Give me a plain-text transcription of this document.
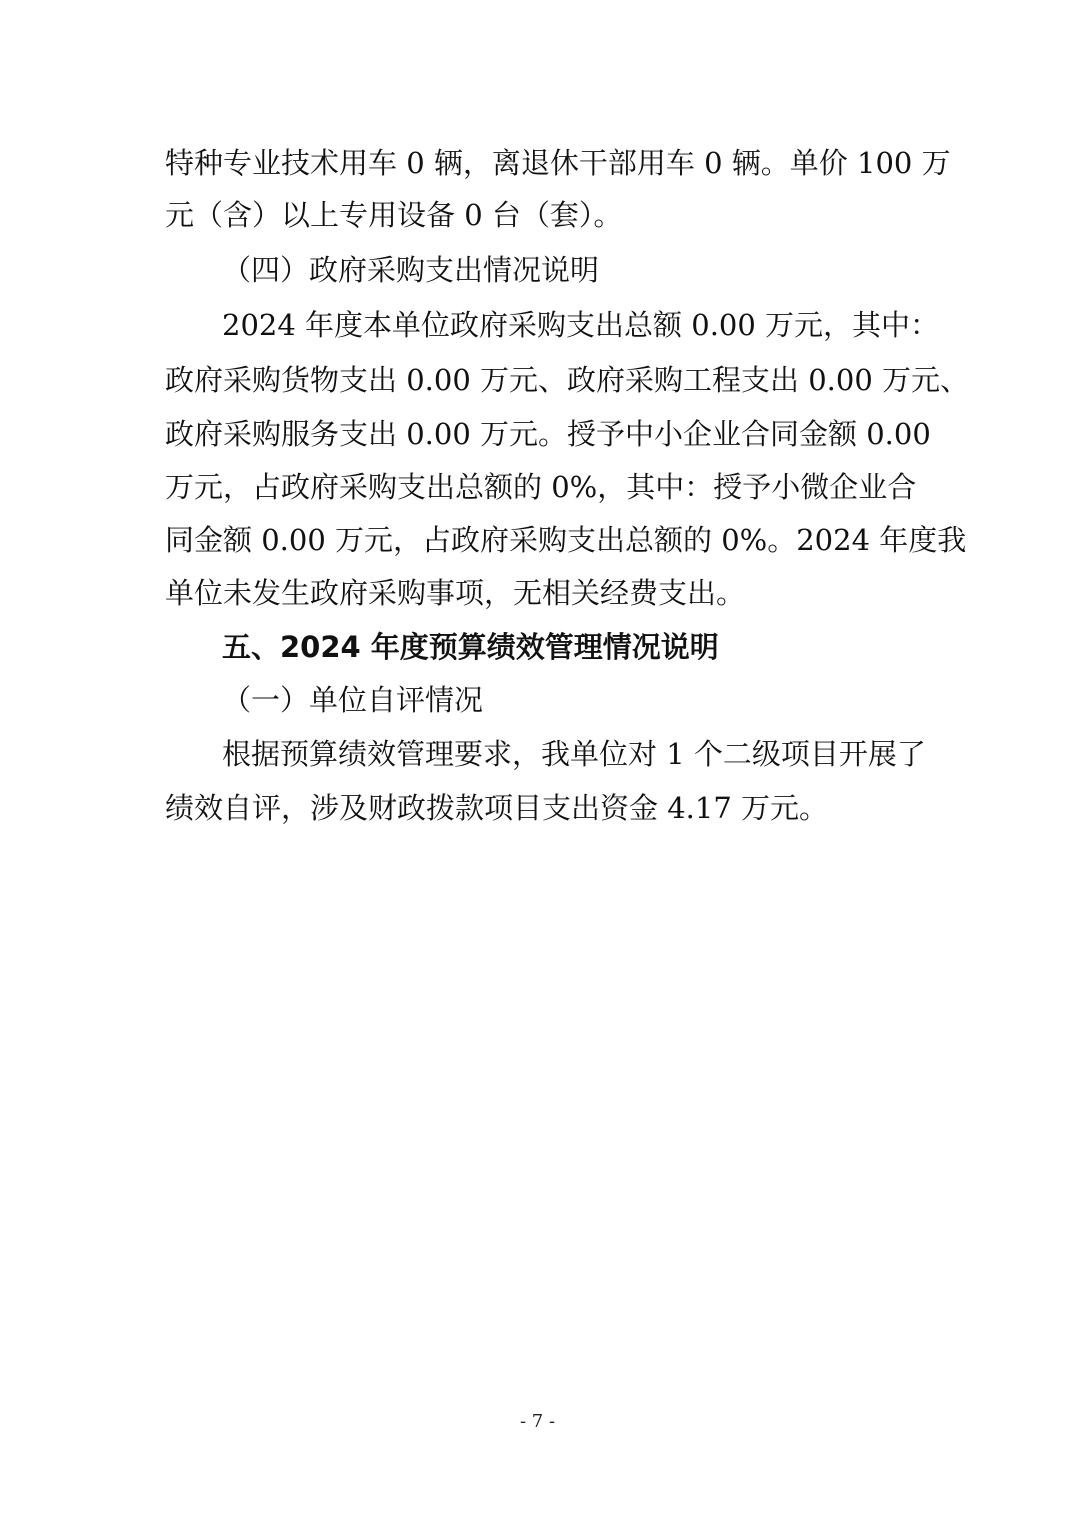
特种专业技术用车 0 辆，离退休干部用车 0 辆。单价 100 万
元（含）以上专用设备 0 台（套）。
（四）政府采购支出情况说明
2024 年度本单位政府采购支出总额 0.00 万元，其中：
政府采购货物支出 0.00 万元、政府采购工程支出 0.00 万元、
政府采购服务支出 0.00 万元。授予中小企业合同金额 0.00
万元，占政府采购支出总额的 0%，其中：授予小微企业合
同金额 0.00 万元，占政府采购支出总额的 0%。2024 年度我
单位未发生政府采购事项，无相关经费支出。
五、2024 年度预算绩效管理情况说明
（一）单位自评情况
根据预算绩效管理要求，我单位对 1 个二级项目开展了
绩效自评，涉及财政拨款项目支出资金 4.17 万元。
- 7 -
